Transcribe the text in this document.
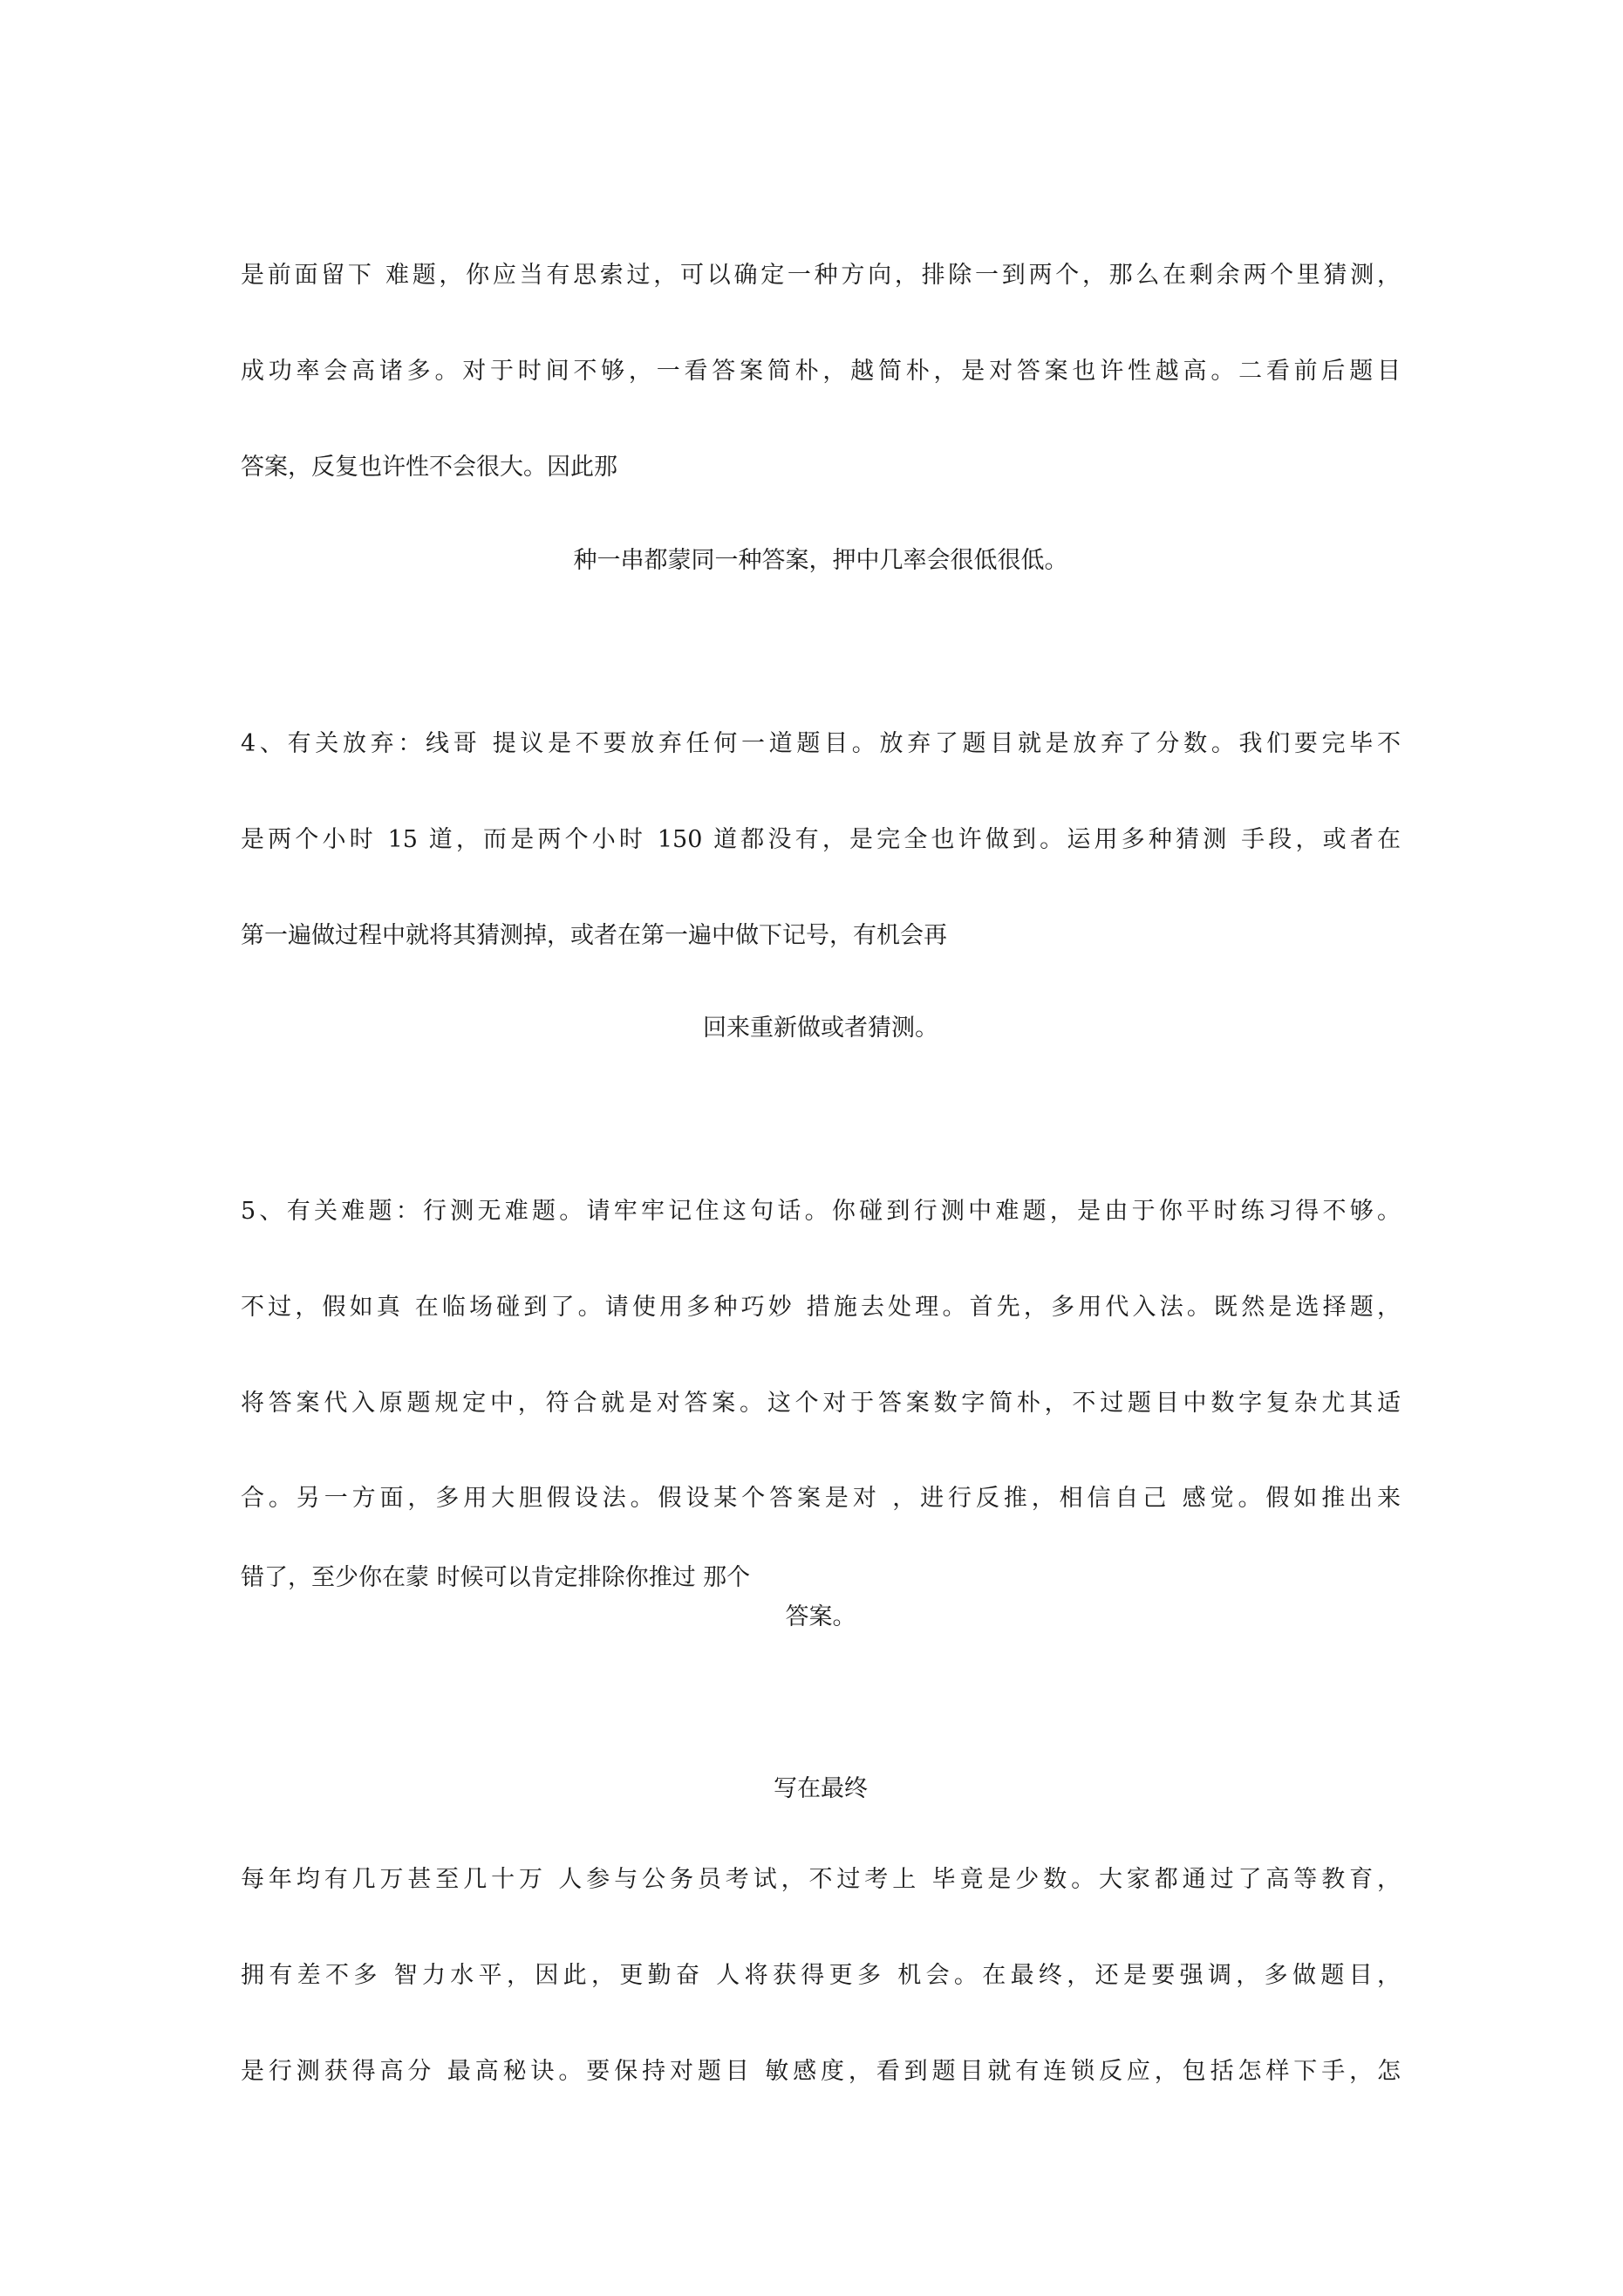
是前面留下 难题，你应当有思索过，可以确定一种方向，排除一到两个，那么在剩余两个里猜测，
成功率会高诸多。对于时间不够，一看答案简朴，越简朴，是对答案也许性越高。二看前后题目
答案，反复也许性不会很大。因此那
种一串都蒙同一种答案，押中几率会很低很低。
4、有关放弃：线哥 提议是不要放弃任何一道题目。放弃了题目就是放弃了分数。我们要完毕不
是两个小时 15 道，而是两个小时 150 道都没有，是完全也许做到。运用多种猜测 手段，或者在
第一遍做过程中就将其猜测掉，或者在第一遍中做下记号，有机会再
回来重新做或者猜测。
5、有关难题：行测无难题。请牢牢记住这句话。你碰到行测中难题，是由于你平时练习得不够。
不过，假如真 在临场碰到了。请使用多种巧妙 措施去处理。首先，多用代入法。既然是选择题，
将答案代入原题规定中，符合就是对答案。这个对于答案数字简朴，不过题目中数字复杂尤其适
合。另一方面，多用大胆假设法。假设某个答案是对 ，进行反推，相信自己 感觉。假如推出来
错了，至少你在蒙 时候可以肯定排除你推过 那个
答案。
写在最终
每年均有几万甚至几十万 人参与公务员考试，不过考上 毕竟是少数。大家都通过了高等教育，
拥有差不多 智力水平，因此，更勤奋 人将获得更多 机会。在最终，还是要强调，多做题目，
是行测获得高分 最高秘诀。要保持对题目 敏感度，看到题目就有连锁反应，包括怎样下手，怎
